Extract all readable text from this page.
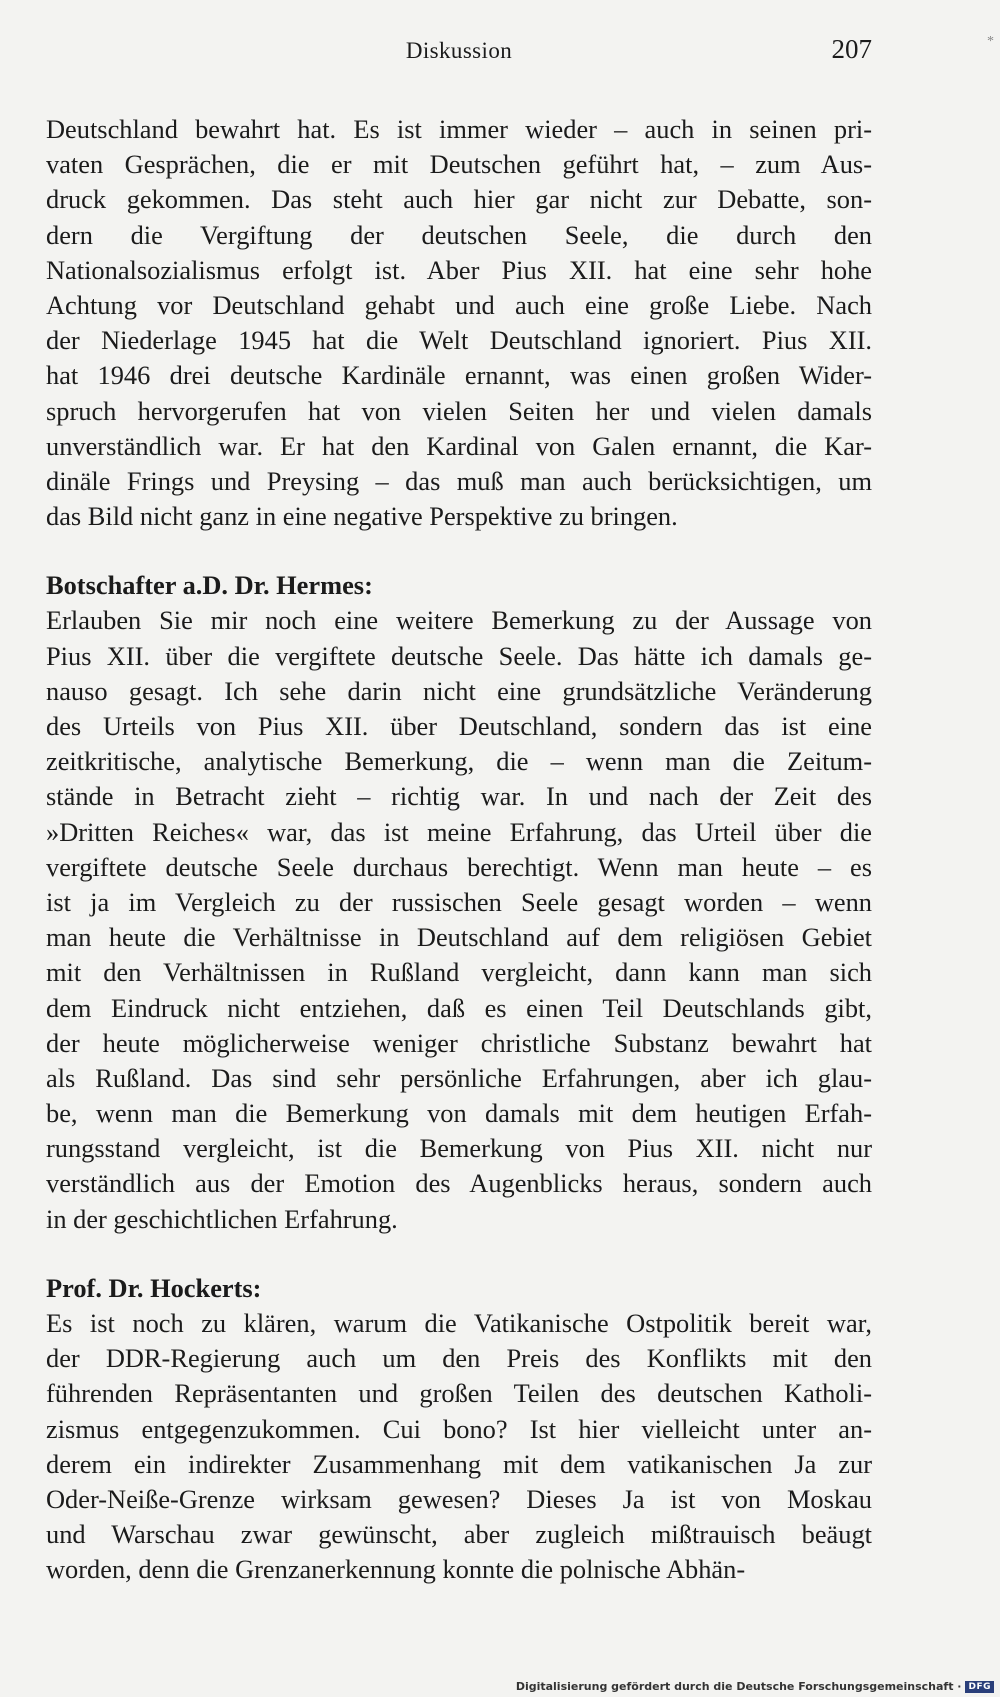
Diskussion	207	*
Deutschland bewahrt hat. Es ist immer wieder – auch in seinen pri-
vaten Gesprächen, die er mit Deutschen geführt hat, – zum Aus-
druck gekommen. Das steht auch hier gar nicht zur Debatte, son-
dern die Vergiftung der deutschen Seele, die durch den
Nationalsozialismus erfolgt ist. Aber Pius XII. hat eine sehr hohe
Achtung vor Deutschland gehabt und auch eine große Liebe. Nach
der Niederlage 1945 hat die Welt Deutschland ignoriert. Pius XII.
hat 1946 drei deutsche Kardinäle ernannt, was einen großen Wider-
spruch hervorgerufen hat von vielen Seiten her und vielen damals
unverständlich war. Er hat den Kardinal von Galen ernannt, die Kar-
dinäle Frings und Preysing – das muß man auch berücksichtigen, um
das Bild nicht ganz in eine negative Perspektive zu bringen.
Botschafter a.D. Dr. Hermes:
Erlauben Sie mir noch eine weitere Bemerkung zu der Aussage von
Pius XII. über die vergiftete deutsche Seele. Das hätte ich damals ge-
nauso gesagt. Ich sehe darin nicht eine grundsätzliche Veränderung
des Urteils von Pius XII. über Deutschland, sondern das ist eine
zeitkritische, analytische Bemerkung, die – wenn man die Zeitum-
stände in Betracht zieht – richtig war. In und nach der Zeit des
»Dritten Reiches« war, das ist meine Erfahrung, das Urteil über die
vergiftete deutsche Seele durchaus berechtigt. Wenn man heute – es
ist ja im Vergleich zu der russischen Seele gesagt worden – wenn
man heute die Verhältnisse in Deutschland auf dem religiösen Gebiet
mit den Verhältnissen in Rußland vergleicht, dann kann man sich
dem Eindruck nicht entziehen, daß es einen Teil Deutschlands gibt,
der heute möglicherweise weniger christliche Substanz bewahrt hat
als Rußland. Das sind sehr persönliche Erfahrungen, aber ich glau-
be, wenn man die Bemerkung von damals mit dem heutigen Erfah-
rungsstand vergleicht, ist die Bemerkung von Pius XII. nicht nur
verständlich aus der Emotion des Augenblicks heraus, sondern auch
in der geschichtlichen Erfahrung.
Prof. Dr. Hockerts:
Es ist noch zu klären, warum die Vatikanische Ostpolitik bereit war,
der DDR-Regierung auch um den Preis des Konflikts mit den
führenden Repräsentanten und großen Teilen des deutschen Katholi-
zismus entgegenzukommen. Cui bono? Ist hier vielleicht unter an-
derem ein indirekter Zusammenhang mit dem vatikanischen Ja zur
Oder-Neiße-Grenze wirksam gewesen? Dieses Ja ist von Moskau
und Warschau zwar gewünscht, aber zugleich mißtrauisch beäugt
worden, denn die Grenzanerkennung konnte die polnische Abhän-
Digitalisierung gefördert durch die Deutsche Forschungsgemeinschaft · DFG
